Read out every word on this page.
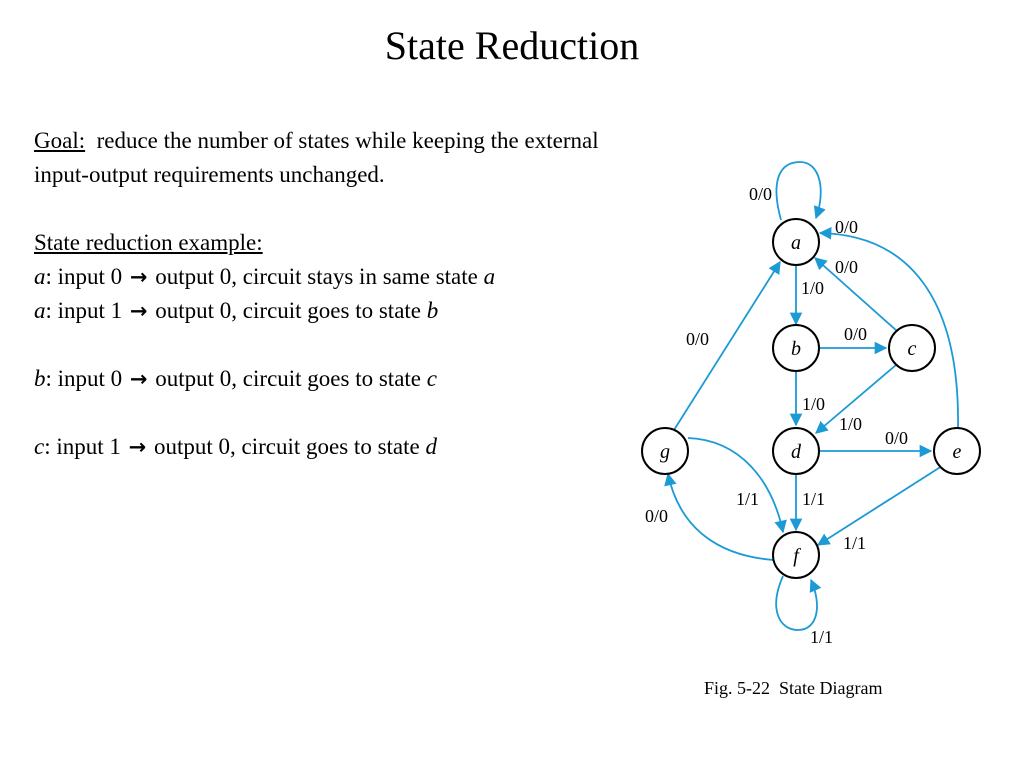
State Reduction
Goal: reduce the number of states while keeping the external
input-output requirements unchanged.
State reduction example:
a: input 0 → output 0, circuit stays in same state a
a: input 1 → output 0, circuit goes to state b
b: input 0 → output 0, circuit goes to state c
c: input 1 → output 0, circuit goes to state d
a
b	c
d	e
f
g
0/0
0/0
0/0
1/0
0/0
0/0
1/0
1/0
0/0
1/1 1/1
0/0
1/1
1/1
Fig. 5-22  State Diagram
